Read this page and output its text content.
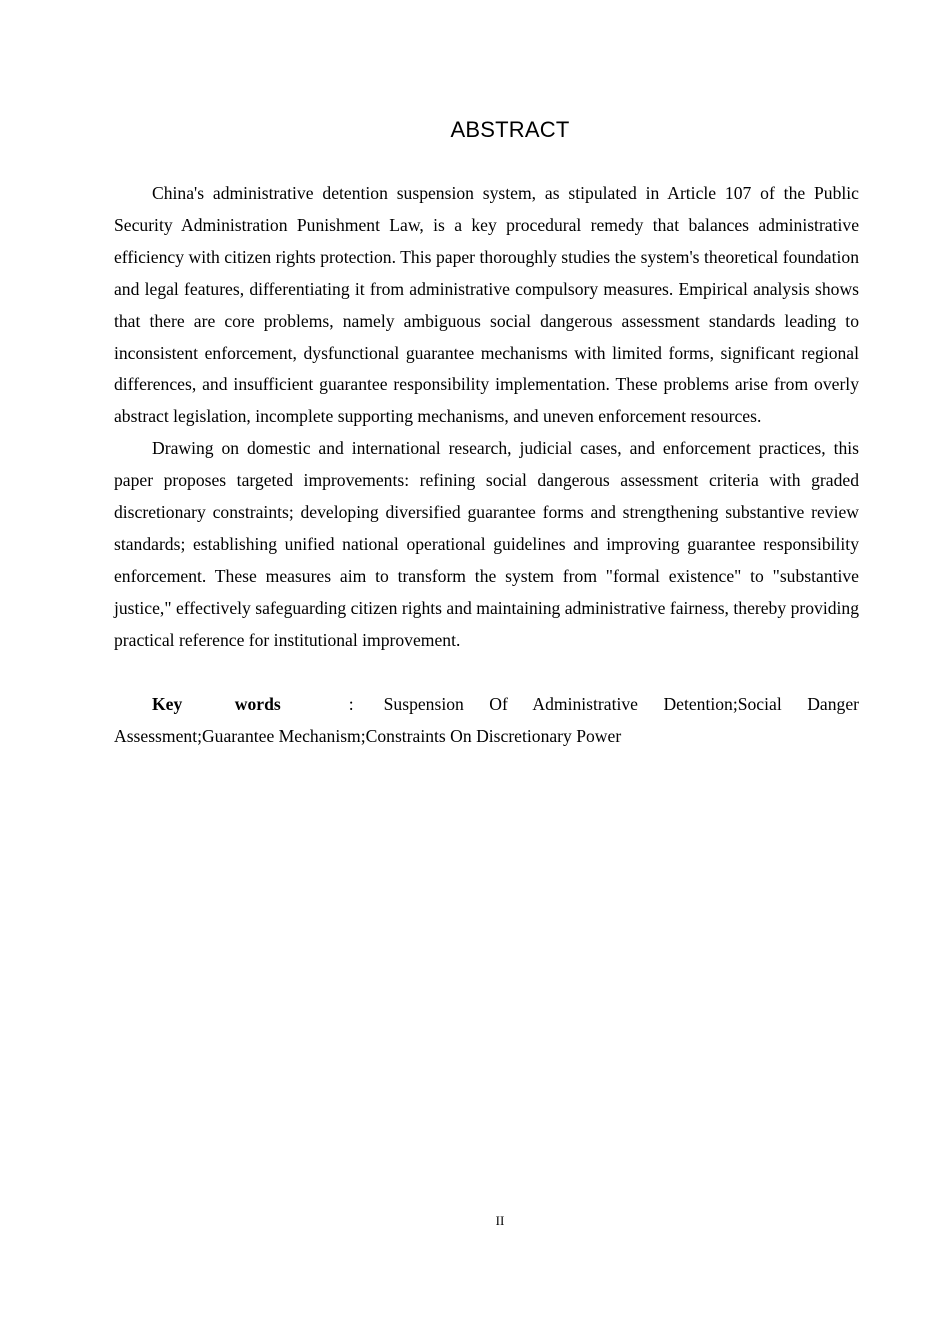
ABSTRACT

China's administrative detention suspension system, as stipulated in Article 107 of the Public Security Administration Punishment Law, is a key procedural remedy that balances administrative efficiency with citizen rights protection. This paper thoroughly studies the system's theoretical foundation and legal features, differentiating it from administrative compulsory measures. Empirical analysis shows that there are core problems, namely ambiguous social dangerous assessment standards leading to inconsistent enforcement, dysfunctional guarantee mechanisms with limited forms, significant regional differences, and insufficient guarantee responsibility implementation. These problems arise from overly abstract legislation, incomplete supporting mechanisms, and uneven enforcement resources.

Drawing on domestic and international research, judicial cases, and enforcement practices, this paper proposes targeted improvements: refining social dangerous assessment criteria with graded discretionary constraints; developing diversified guarantee forms and strengthening substantive review standards; establishing unified national operational guidelines and improving guarantee responsibility enforcement. These measures aim to transform the system from "formal existence" to "substantive justice," effectively safeguarding citizen rights and maintaining administrative fairness, thereby providing practical reference for institutional improvement.

Key words	: Suspension Of Administrative Detention;Social Danger Assessment;Guarantee Mechanism;Constraints On Discretionary Power

II
